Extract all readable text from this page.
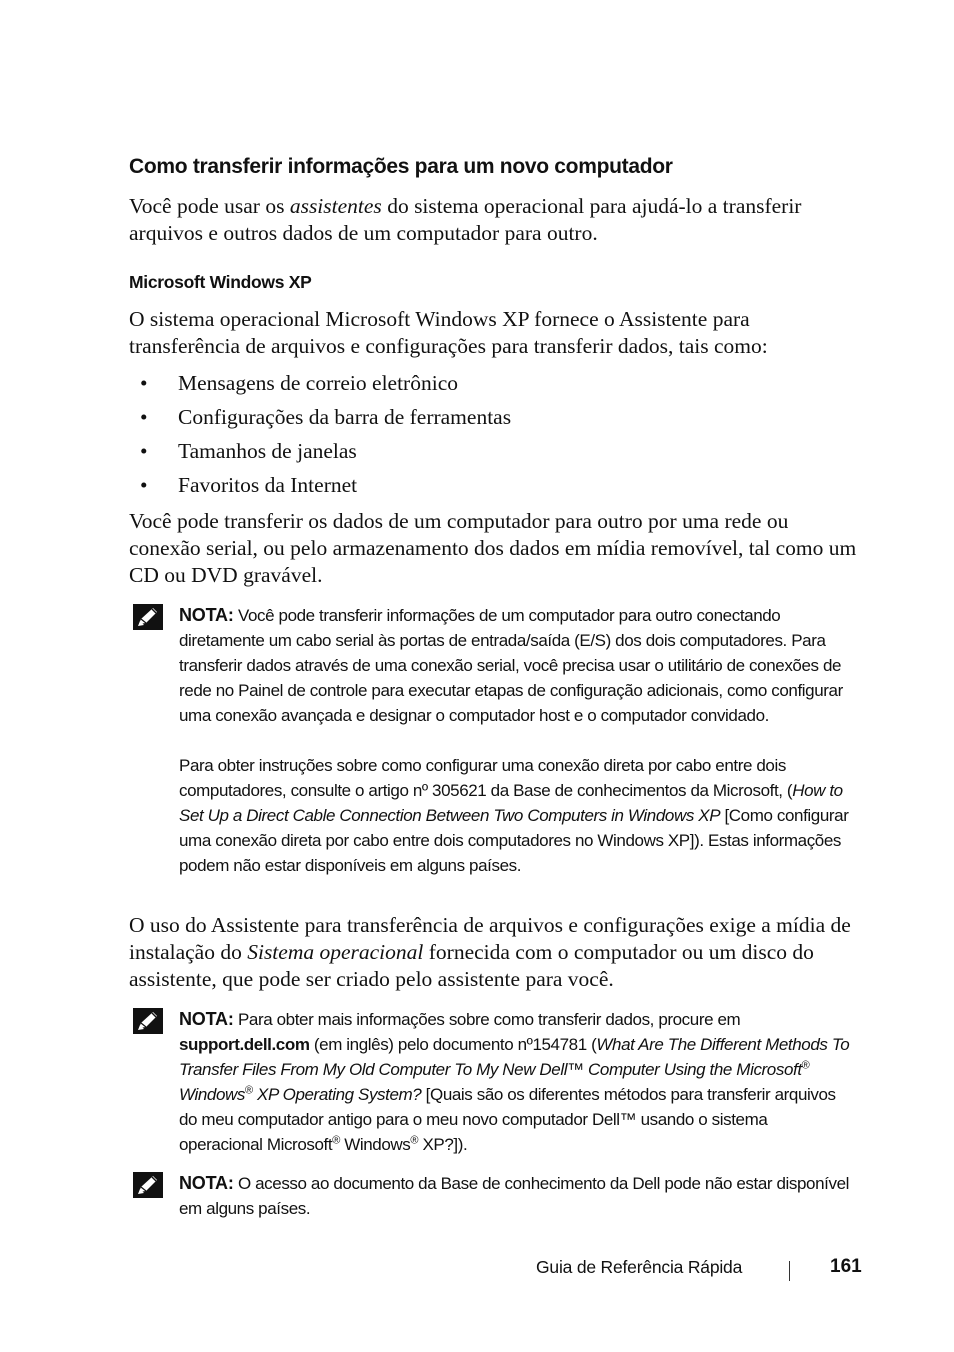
Como transferir informações para um novo computador

Você pode usar os assistentes do sistema operacional para ajudá-lo a transferir arquivos e outros dados de um computador para outro.

Microsoft Windows XP

O sistema operacional Microsoft Windows XP fornece o Assistente para transferência de arquivos e configurações para transferir dados, tais como:

• Mensagens de correio eletrônico
• Configurações da barra de ferramentas
• Tamanhos de janelas
• Favoritos da Internet

Você pode transferir os dados de um computador para outro por uma rede ou conexão serial, ou pelo armazenamento dos dados em mídia removível, tal como um CD ou DVD gravável.

NOTA: Você pode transferir informações de um computador para outro conectando diretamente um cabo serial às portas de entrada/saída (E/S) dos dois computadores. Para transferir dados através de uma conexão serial, você precisa usar o utilitário de conexões de rede no Painel de controle para executar etapas de configuração adicionais, como configurar uma conexão avançada e designar o computador host e o computador convidado.
Para obter instruções sobre como configurar uma conexão direta por cabo entre dois computadores, consulte o artigo nº 305621 da Base de conhecimentos da Microsoft, (How to Set Up a Direct Cable Connection Between Two Computers in Windows XP [Como configurar uma conexão direta por cabo entre dois computadores no Windows XP]). Estas informações podem não estar disponíveis em alguns países.

O uso do Assistente para transferência de arquivos e configurações exige a mídia de instalação do Sistema operacional fornecida com o computador ou um disco do assistente, que pode ser criado pelo assistente para você.

NOTA: Para obter mais informações sobre como transferir dados, procure em support.dell.com (em inglês) pelo documento nº154781 (What Are The Different Methods To Transfer Files From My Old Computer To My New Dell™ Computer Using the Microsoft® Windows® XP Operating System? [Quais são os diferentes métodos para transferir arquivos do meu computador antigo para o meu novo computador Dell™ usando o sistema operacional Microsoft® Windows® XP?]).
NOTA: O acesso ao documento da Base de conhecimento da Dell pode não estar disponível em alguns países.
Guia de Referência Rápida	161
